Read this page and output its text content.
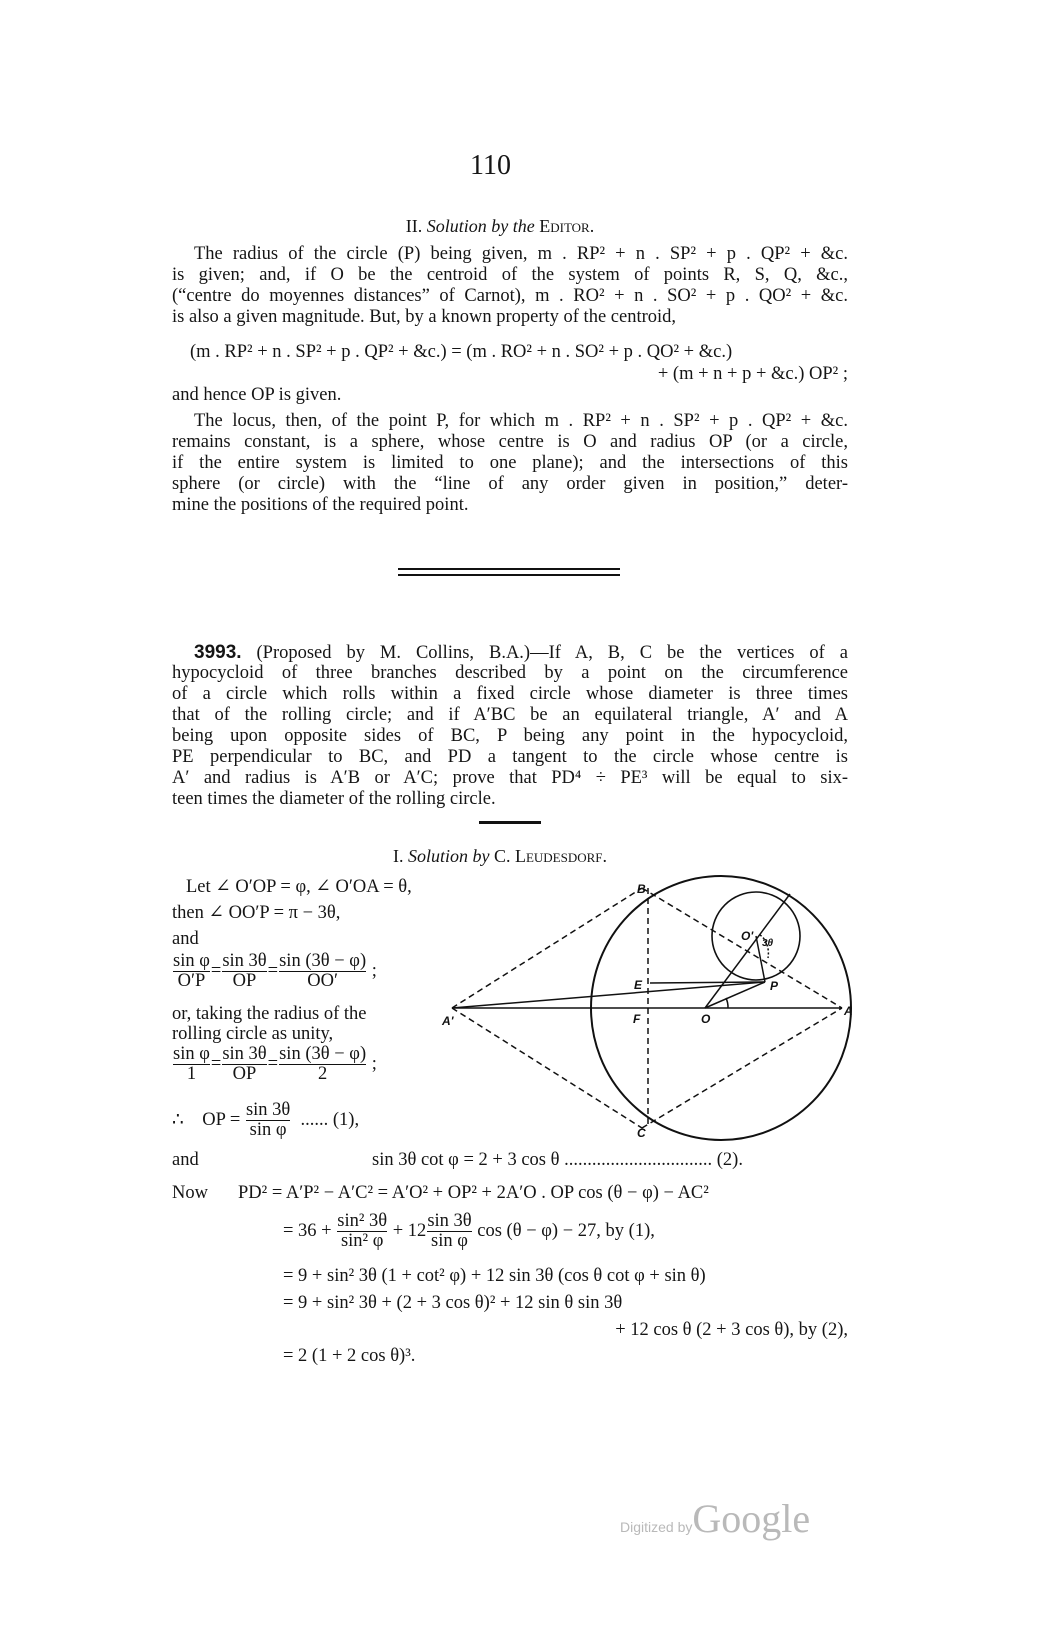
110
II. Solution by the Editor.
The radius of the circle (P) being given, m . RP² + n . SP² + p . QP² + &c.
is given; and, if O be the centroid of the system of points R, S, Q, &c.,
(“centre do moyennes distances” of Carnot), m . RO² + n . SO² + p . QO² + &c.
is also a given magnitude. But, by a known property of the centroid,
(m . RP² + n . SP² + p . QP² + &c.) = (m . RO² + n . SO² + p . QO² + &c.)
+ (m + n + p + &c.) OP² ;
and hence OP is given.
The locus, then, of the point P, for which m . RP² + n . SP² + p . QP² + &c.
remains constant, is a sphere, whose centre is O and radius OP (or a circle,
if the entire system is limited to one plane); and the intersections of this
sphere (or circle) with the “line of any order given in position,” deter-
mine the positions of the required point.
3993. (Proposed by M. Collins, B.A.)—If A, B, C be the vertices of a
hypocycloid of three branches described by a point on the circumference
of a circle which rolls within a fixed circle whose diameter is three times
that of the rolling circle; and if A′BC be an equilateral triangle, A′ and A
being upon opposite sides of BC, P being any point in the hypocycloid,
PE perpendicular to BC, and PD a tangent to the circle whose centre is
A′ and radius is A′B or A′C; prove that PD⁴ ÷ PE³ will be equal to six-
teen times the diameter of the rolling circle.
I. Solution by C. Leudesdorf.
Let ∠ O′OP = φ, ∠ O′OA = θ,
then ∠ OO′P = π − 3θ,
and
$\frac{\text{sin φ}}{O'P} = \frac{\sin 3\theta}{OP} = \frac{\sin (3\theta - \varphi)}{OO'}$ ;
or, taking the radius of the
rolling circle as unity,
$\frac{\text{sin φ}}{1} = \frac{\sin 3\theta}{OP} = \frac{\sin (3\theta - \varphi)}{2}$ ;
∴ OP = $\frac{\sin 3\theta}{\text{sin φ}}$ ...... (1),
B
C
A
A'
E
F	O
O'
P
3θ
and	sin 3θ cot φ = 2 + 3 cos θ ................................ (2).
Now PD² = A′P² − A′C² = A′O² + OP² + 2A′O . OP cos (θ − φ) − AC²
= $36 + \frac{\text{sin² 3θ}}{\text{sin² φ}} + 12 \frac{\sin 3\theta}{\text{sin φ}}$ cos (θ − φ) − 27, by (1),
= 9 + sin² 3θ (1 + cot² φ) + 12 sin 3θ (cos θ cot φ + sin θ)
= 9 + sin² 3θ + (2 + 3 cos θ)² + 12 sin θ sin 3θ
+ 12 cos θ (2 + 3 cos θ), by (2),
= 2 (1 + 2 cos θ)³.
Digitized byGoogle
